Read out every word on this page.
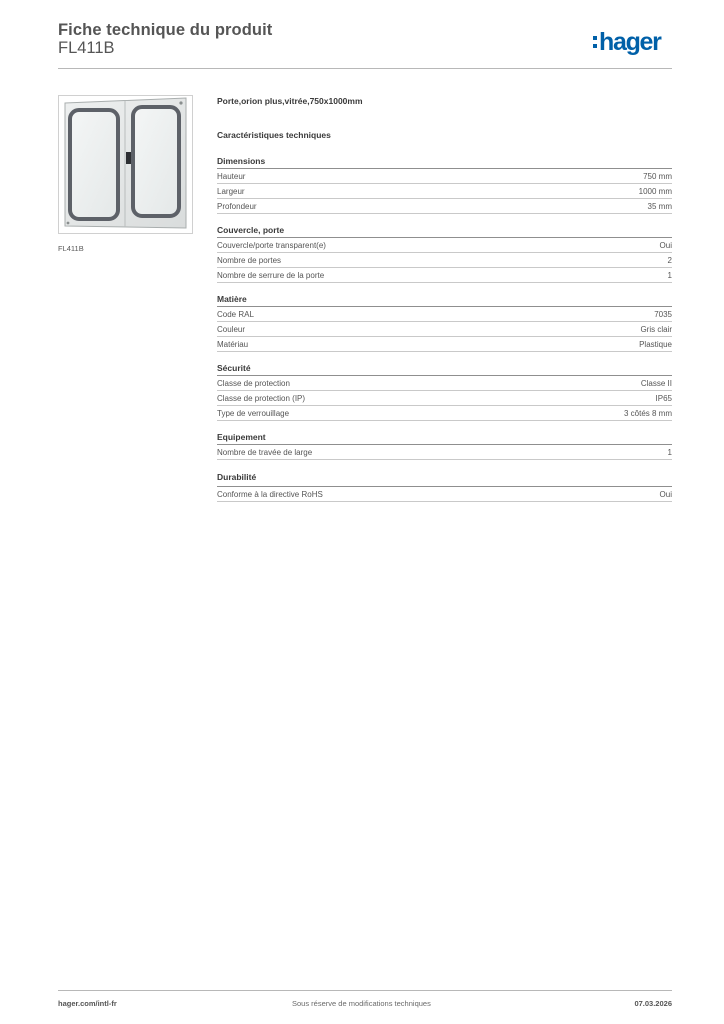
Fiche technique du produit
FL411B	hager
FL411B
Porte,orion plus,vitrée,750x1000mm
Caractéristiques techniques
Dimensions
Hauteur	750 mm
Largeur	1000 mm
Profondeur	35 mm
Couvercle, porte
Couvercle/porte transparent(e)	Oui
Nombre de portes	2
Nombre de serrure de la porte	1
Matière
Code RAL	7035
Couleur	Gris clair
Matériau	Plastique
Sécurité
Classe de protection	Classe II
Classe de protection (IP)	IP65
Type de verrouillage	3 côtés 8 mm
Equipement
Nombre de travée de large	1
Durabilité
Conforme à la directive RoHS	Oui
hager.com/intl-fr	Sous réserve de modifications techniques	07.03.2026
